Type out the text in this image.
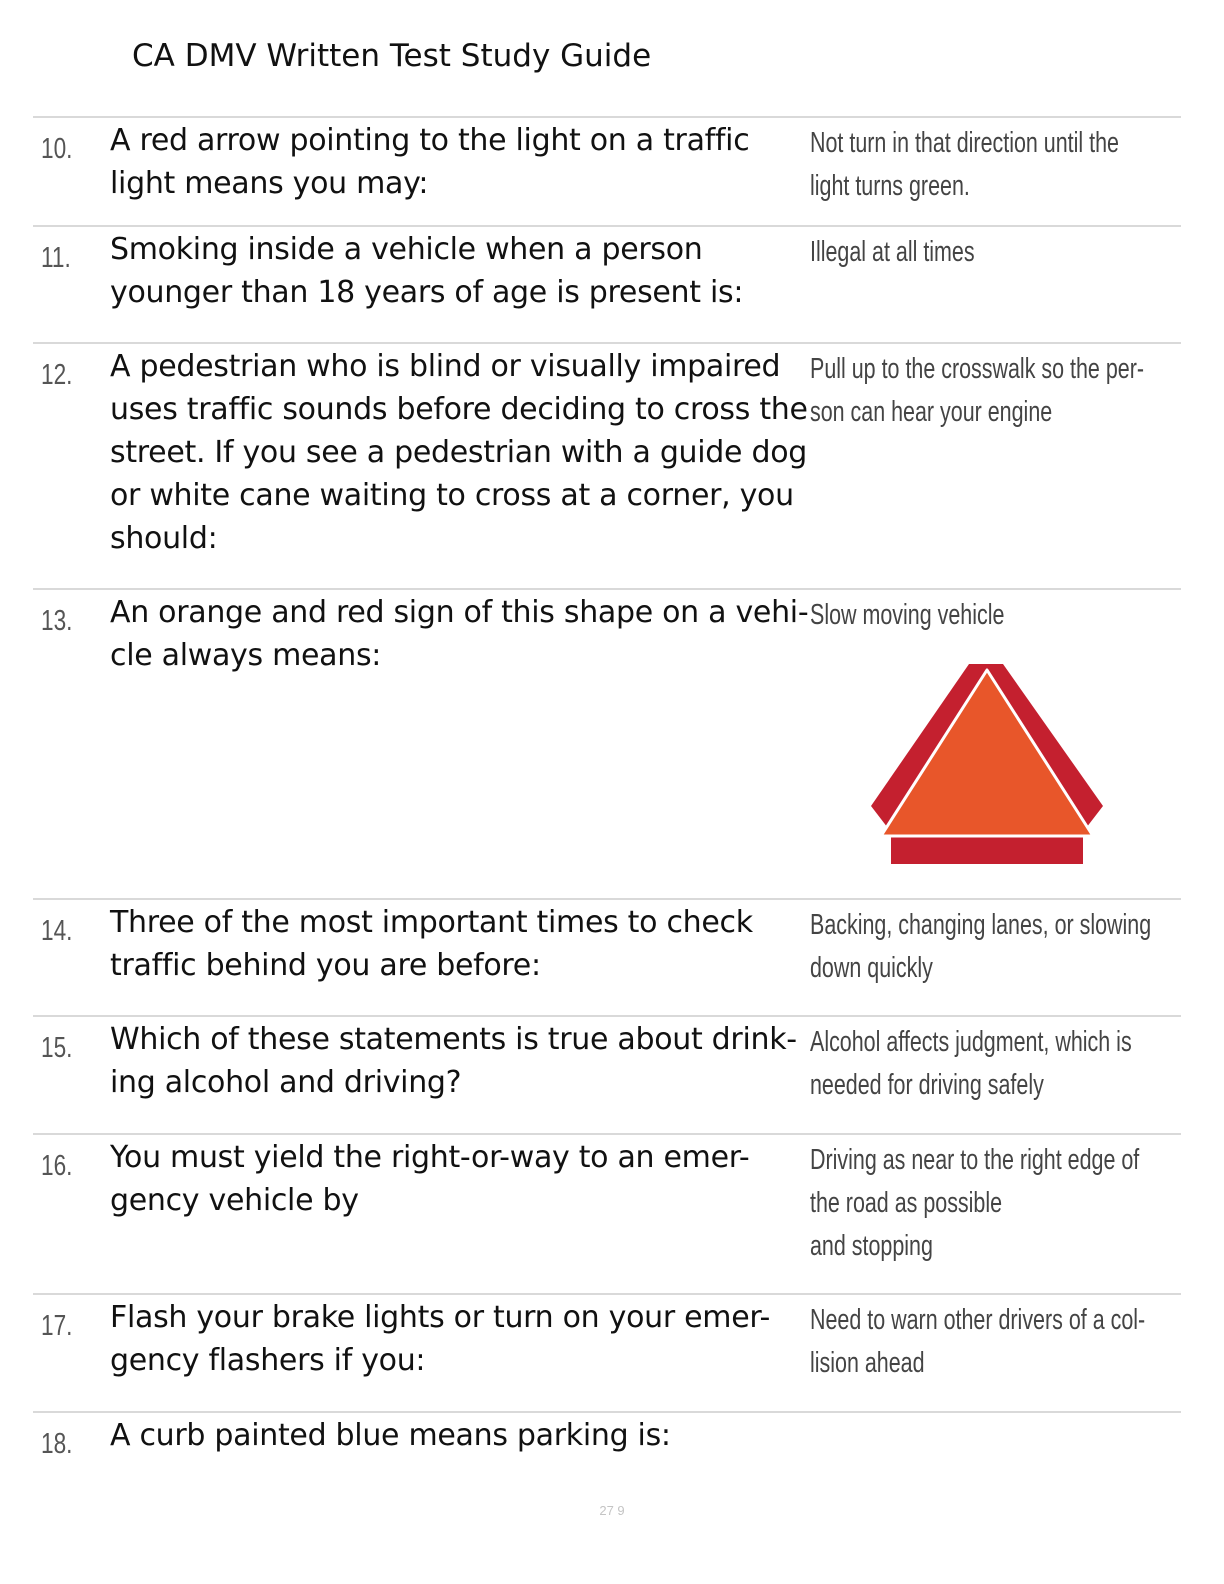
CA DMV Written Test Study Guide
10. A red arrow pointing to the light on a traffic light means you may:
Not turn in that direction until the light turns green.
11. Smoking inside a vehicle when a person younger than 18 years of age is present is:
Illegal at all times
12. A pedestrian who is blind or visually impaired uses traffic sounds before deciding to cross the street. If you see a pedestrian with a guide dog or white cane waiting to cross at a corner, you should:
Pull up to the crosswalk so the per-son can hear your engine
13. An orange and red sign of this shape on a vehi-cle always means:
Slow moving vehicle
14. Three of the most important times to check traffic behind you are before:
Backing, changing lanes, or slowing down quickly
15. Which of these statements is true about drink-ing alcohol and driving?
Alcohol affects judgment, which is needed for driving safely
16. You must yield the right-or-way to an emer-gency vehicle by
Driving as near to the right edge of the road as possible
and stopping
17. Flash your brake lights or turn on your emer-gency flashers if you:
Need to warn other drivers of a col-lision ahead
18. A curb painted blue means parking is:
27 9
